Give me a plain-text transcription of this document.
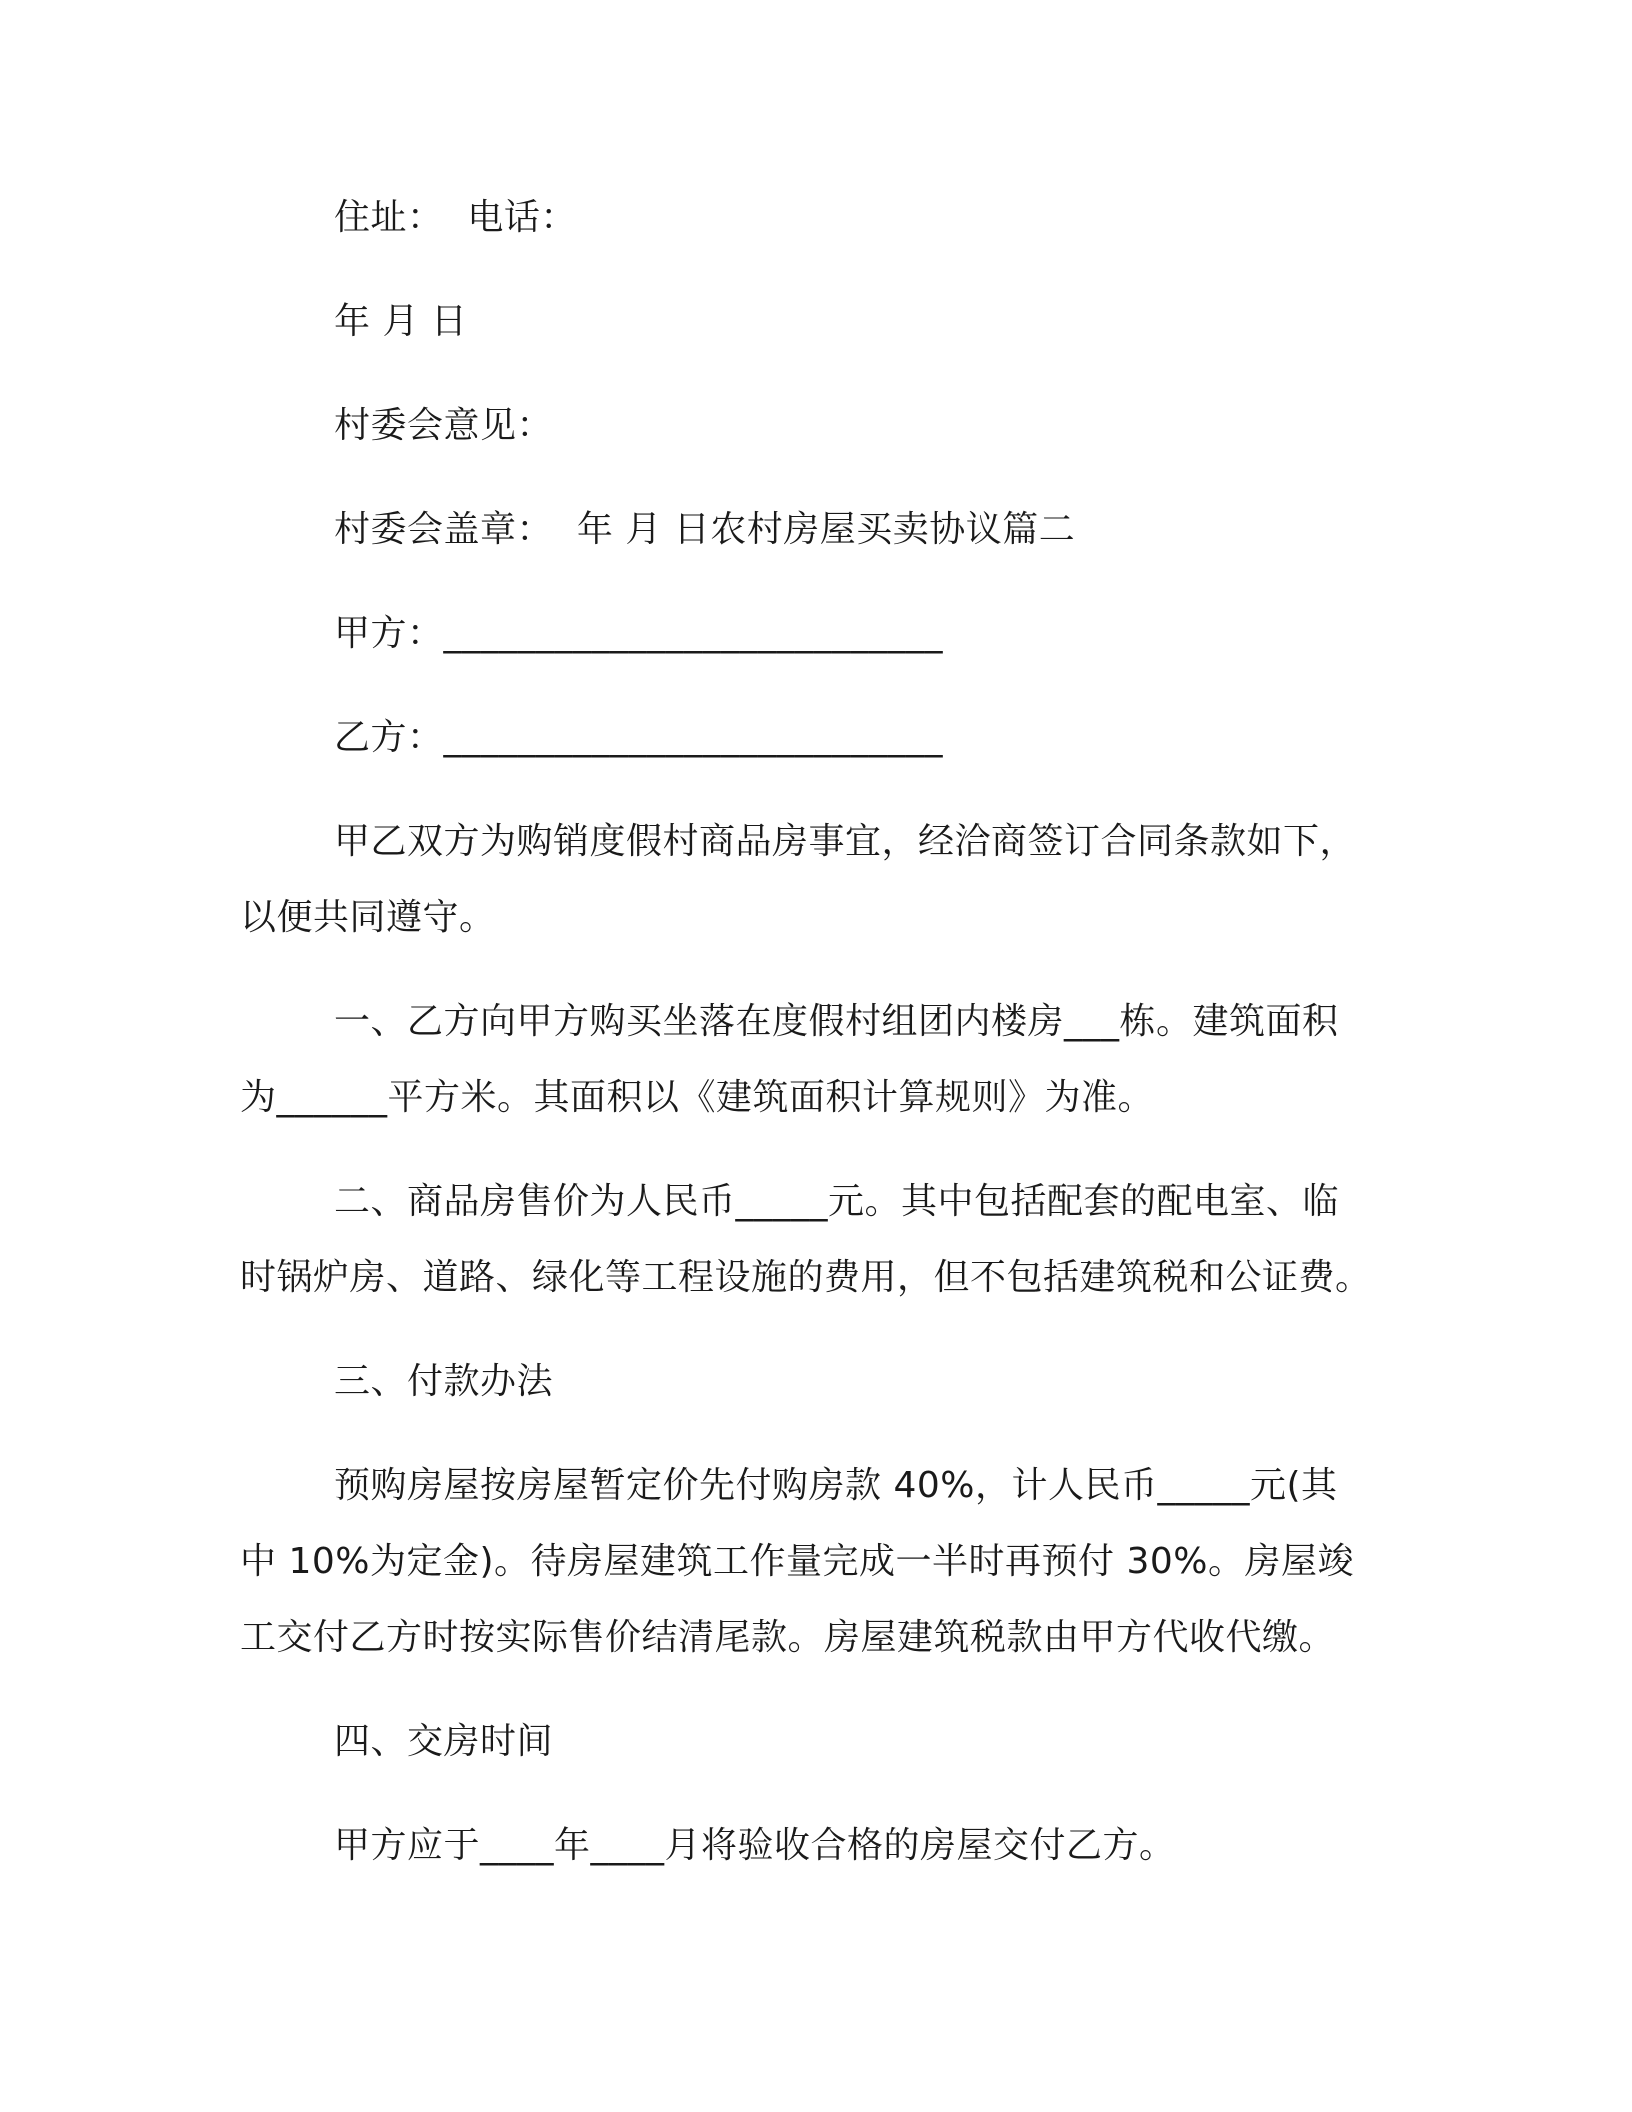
住址：  电话：
年 月 日
村委会意见：
村委会盖章：  年 月 日农村房屋买卖协议篇二
甲方：___________________________
乙方：___________________________
甲乙双方为购销度假村商品房事宜，经洽商签订合同条款如下，
以便共同遵守。
一、乙方向甲方购买坐落在度假村组团内楼房___栋。建筑面积
为______平方米。其面积以《建筑面积计算规则》为准。
二、商品房售价为人民币_____元。其中包括配套的配电室、临
时锅炉房、道路、绿化等工程设施的费用，但不包括建筑税和公证费。
三、付款办法
预购房屋按房屋暂定价先付购房款 40%，计人民币_____元(其
中 10%为定金)。待房屋建筑工作量完成一半时再预付 30%。房屋竣
工交付乙方时按实际售价结清尾款。房屋建筑税款由甲方代收代缴。
四、交房时间
甲方应于____年____月将验收合格的房屋交付乙方。
